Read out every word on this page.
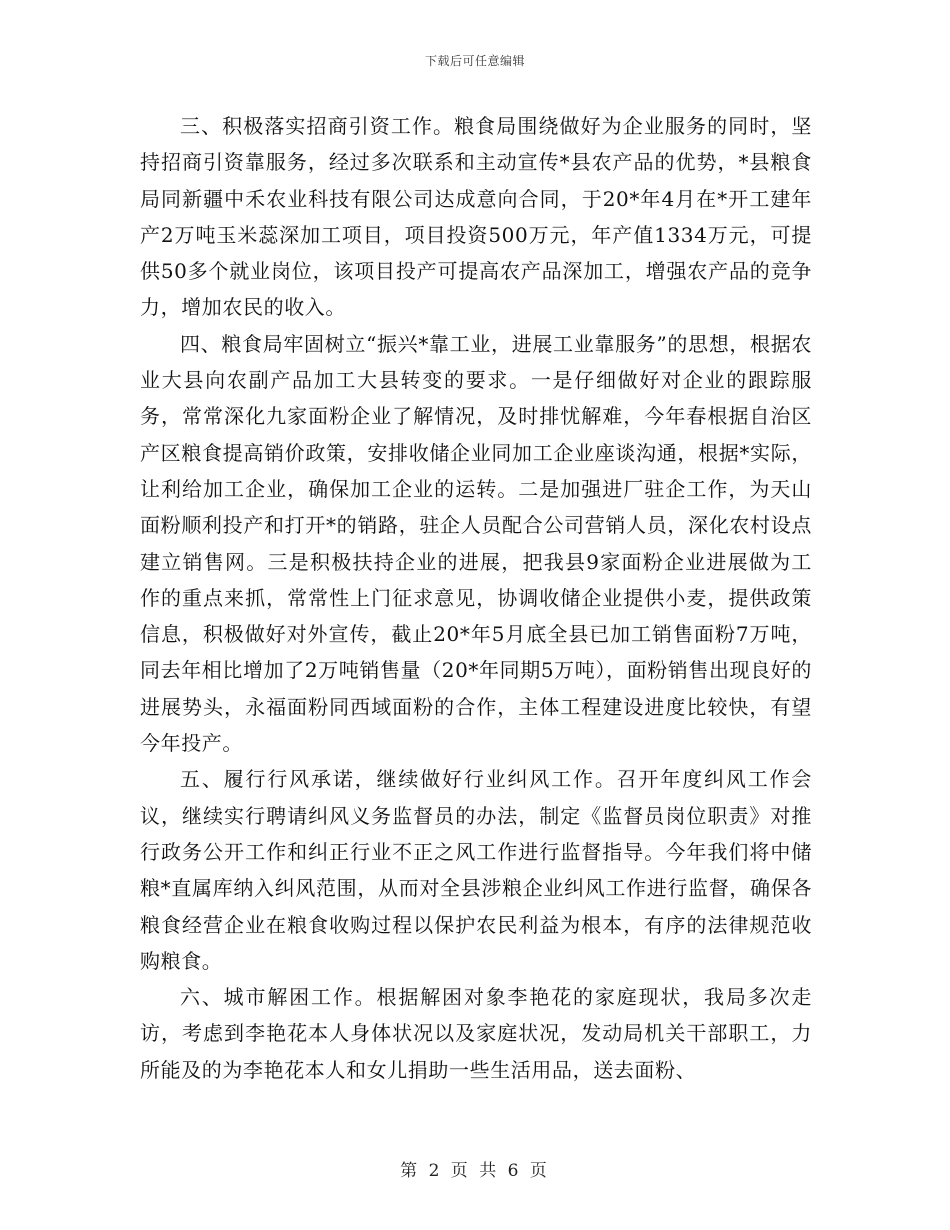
下载后可任意编辑

三、积极落实招商引资工作。粮食局围绕做好为企业服务的同时，坚持招商引资靠服务，经过多次联系和主动宣传*县农产品的优势，*县粮食局同新疆中禾农业科技有限公司达成意向合同，于20*年4月在*开工建年产2万吨玉米蕊深加工项目，项目投资500万元，年产值1334万元，可提供50多个就业岗位，该项目投产可提高农产品深加工，增强农产品的竞争力，增加农民的收入。

四、粮食局牢固树立“振兴*靠工业，进展工业靠服务”的思想，根据农业大县向农副产品加工大县转变的要求。一是仔细做好对企业的跟踪服务，常常深化九家面粉企业了解情况，及时排忧解难，今年春根据自治区产区粮食提高销价政策，安排收储企业同加工企业座谈沟通，根据*实际，让利给加工企业，确保加工企业的运转。二是加强进厂驻企工作，为天山面粉顺利投产和打开*的销路，驻企人员配合公司营销人员，深化农村设点建立销售网。三是积极扶持企业的进展，把我县9家面粉企业进展做为工作的重点来抓，常常性上门征求意见，协调收储企业提供小麦，提供政策信息，积极做好对外宣传，截止20*年5月底全县已加工销售面粉7万吨，同去年相比增加了2万吨销售量（20*年同期5万吨），面粉销售出现良好的进展势头，永福面粉同西域面粉的合作，主体工程建设进度比较快，有望今年投产。

五、履行行风承诺，继续做好行业纠风工作。召开年度纠风工作会议，继续实行聘请纠风义务监督员的办法，制定《监督员岗位职责》对推行政务公开工作和纠正行业不正之风工作进行监督指导。今年我们将中储粮*直属库纳入纠风范围，从而对全县涉粮企业纠风工作进行监督，确保各粮食经营企业在粮食收购过程以保护农民利益为根本，有序的法律规范收购粮食。

六、城市解困工作。根据解困对象李艳花的家庭现状，我局多次走访，考虑到李艳花本人身体状况以及家庭状况，发动局机关干部职工，力所能及的为李艳花本人和女儿捐助一些生活用品，送去面粉、

第 2 页 共 6 页
